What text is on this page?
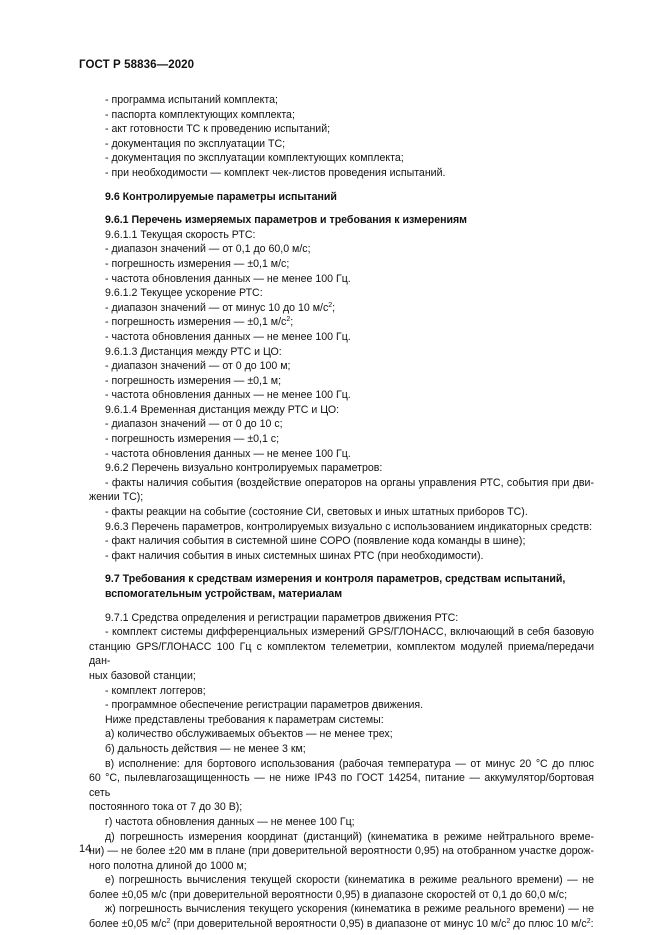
ГОСТ Р 58836—2020
- программа испытаний комплекта;
- паспорта комплектующих комплекта;
- акт готовности ТС к проведению испытаний;
- документация по эксплуатации ТС;
- документация по эксплуатации комплектующих комплекта;
- при необходимости — комплект чек-листов проведения испытаний.
9.6 Контролируемые параметры испытаний
9.6.1 Перечень измеряемых параметров и требования к измерениям
9.6.1.1 Текущая скорость РТС:
- диапазон значений — от 0,1 до 60,0 м/с;
- погрешность измерения — ±0,1 м/с;
- частота обновления данных — не менее 100 Гц.
9.6.1.2 Текущее ускорение РТС:
- диапазон значений — от минус 10 до 10 $м/с^2$;
- погрешность измерения — ±0,1 $м/с^2$;
- частота обновления данных — не менее 100 Гц.
9.6.1.3 Дистанция между РТС и ЦО:
- диапазон значений — от 0 до 100 м;
- погрешность измерения — ±0,1 м;
- частота обновления данных — не менее 100 Гц.
9.6.1.4 Временная дистанция между РТС и ЦО:
- диапазон значений — от 0 до 10 с;
- погрешность измерения — ±0,1 с;
- частота обновления данных — не менее 100 Гц.
9.6.2 Перечень визуально контролируемых параметров:
- факты наличия события (воздействие операторов на органы управления РТС, события при дви-
жении ТС);
- факты реакции на событие (состояние СИ, световых и иных штатных приборов ТС).
9.6.3 Перечень параметров, контролируемых визуально с использованием индикаторных средств:
- факт наличия события в системной шине СОРО (появление кода команды в шине);
- факт наличия события в иных системных шинах РТС (при необходимости).
9.7 Требования к средствам измерения и контроля параметров, средствам испытаний,
вспомогательным устройствам, материалам
9.7.1 Средства определения и регистрации параметров движения РТС:
- комплект системы дифференциальных измерений GPS/ГЛОНАСС, включающий в себя базовую
станцию GPS/ГЛОНАСС 100 Гц с комплектом телеметрии, комплектом модулей приема/передачи дан-
ных базовой станции;
- комплект логгеров;
- программное обеспечение регистрации параметров движения.
Ниже представлены требования к параметрам системы:
а) количество обслуживаемых объектов — не менее трех;
б) дальность действия — не менее 3 км;
в) исполнение: для бортового использования (рабочая температура — от минус 20 °C до плюс
60 °C, пылевлагозащищенность — не ниже IP43 по ГОСТ 14254, питание — аккумулятор/бортовая сеть
постоянного тока от 7 до 30 В);
г) частота обновления данных — не менее 100 Гц;
д) погрешность измерения координат (дистанций) (кинематика в режиме нейтрального време-
ни) — не более ±20 мм в плане (при доверительной вероятности 0,95) на отобранном участке дорож-
ного полотна длиной до 1000 м;
е) погрешность вычисления текущей скорости (кинематика в режиме реального времени) — не
более ±0,05 м/с (при доверительной вероятности 0,95) в диапазоне скоростей от 0,1 до 60,0 м/с;
ж) погрешность вычисления текущего ускорения (кинематика в режиме реального времени) — не
более ±0,05 $м/с^2$ (при доверительной вероятности 0,95) в диапазоне от минус 10 $м/с^2$ до плюс 10 $м/с^2$:
14
